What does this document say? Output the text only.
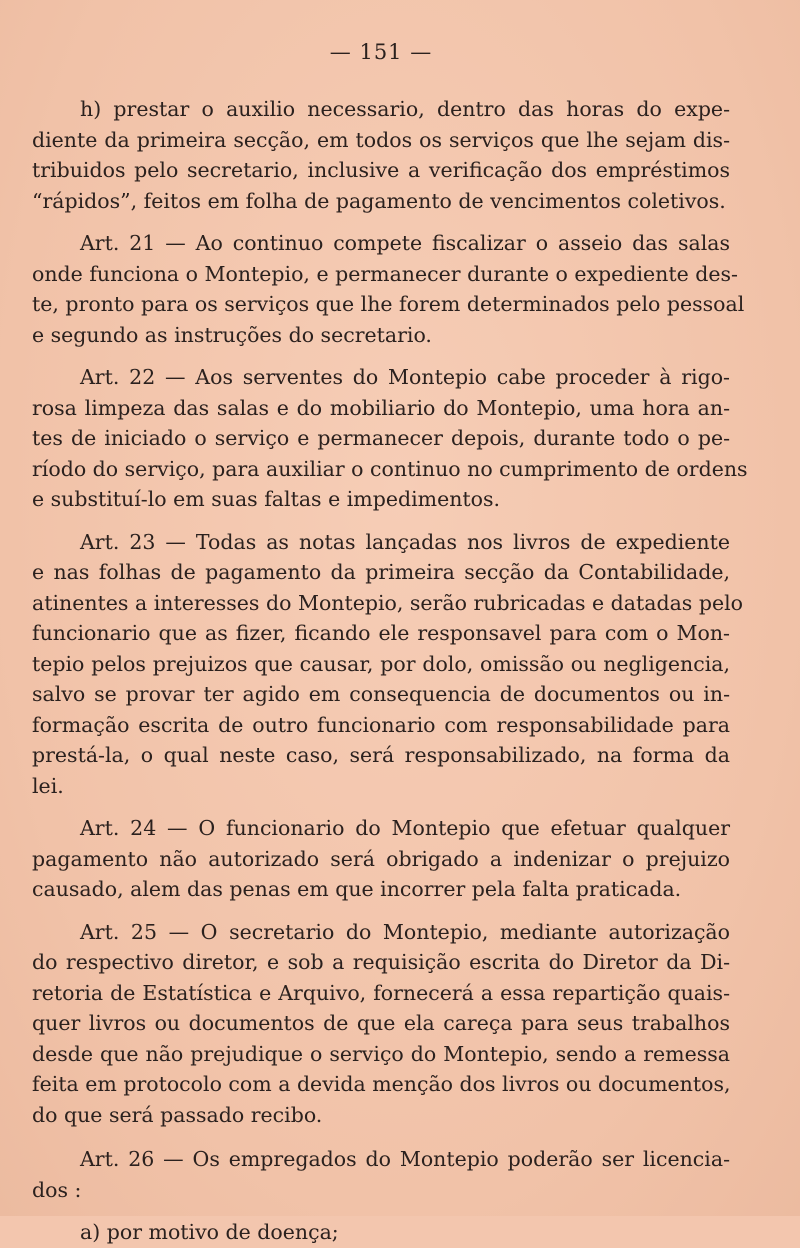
— 151 —

h) prestar o auxilio necessario, dentro das horas do expe-
diente da primeira secção, em todos os serviços que lhe sejam dis-
tribuidos pelo secretario, inclusive a verificação dos empréstimos
“rápidos”, feitos em folha de pagamento de vencimentos coletivos.

Art. 21 — Ao continuo compete fiscalizar o asseio das salas
onde funciona o Montepio, e permanecer durante o expediente des-
te, pronto para os serviços que lhe forem determinados pelo pessoal
e segundo as instruções do secretario.

Art. 22 — Aos serventes do Montepio cabe proceder à rigo-
rosa limpeza das salas e do mobiliario do Montepio, uma hora an-
tes de iniciado o serviço e permanecer depois, durante todo o pe-
ríodo do serviço, para auxiliar o continuo no cumprimento de ordens
e substituí-lo em suas faltas e impedimentos.

Art. 23 — Todas as notas lançadas nos livros de expediente
e nas folhas de pagamento da primeira secção da Contabilidade,
atinentes a interesses do Montepio, serão rubricadas e datadas pelo
funcionario que as fizer, ficando ele responsavel para com o Mon-
tepio pelos prejuizos que causar, por dolo, omissão ou negligencia,
salvo se provar ter agido em consequencia de documentos ou in-
formação escrita de outro funcionario com responsabilidade para
prestá-la, o qual neste caso, será responsabilizado, na forma da
lei.

Art. 24 — O funcionario do Montepio que efetuar qualquer
pagamento não autorizado será obrigado a indenizar o prejuizo
causado, alem das penas em que incorrer pela falta praticada.

Art. 25 — O secretario do Montepio, mediante autorização
do respectivo diretor, e sob a requisição escrita do Diretor da Di-
retoria de Estatística e Arquivo, fornecerá a essa repartição quais-
quer livros ou documentos de que ela careça para seus trabalhos
desde que não prejudique o serviço do Montepio, sendo a remessa
feita em protocolo com a devida menção dos livros ou documentos,
do que será passado recibo.

Art. 26 — Os empregados do Montepio poderão ser licencia-
dos :

a) por motivo de doença;
